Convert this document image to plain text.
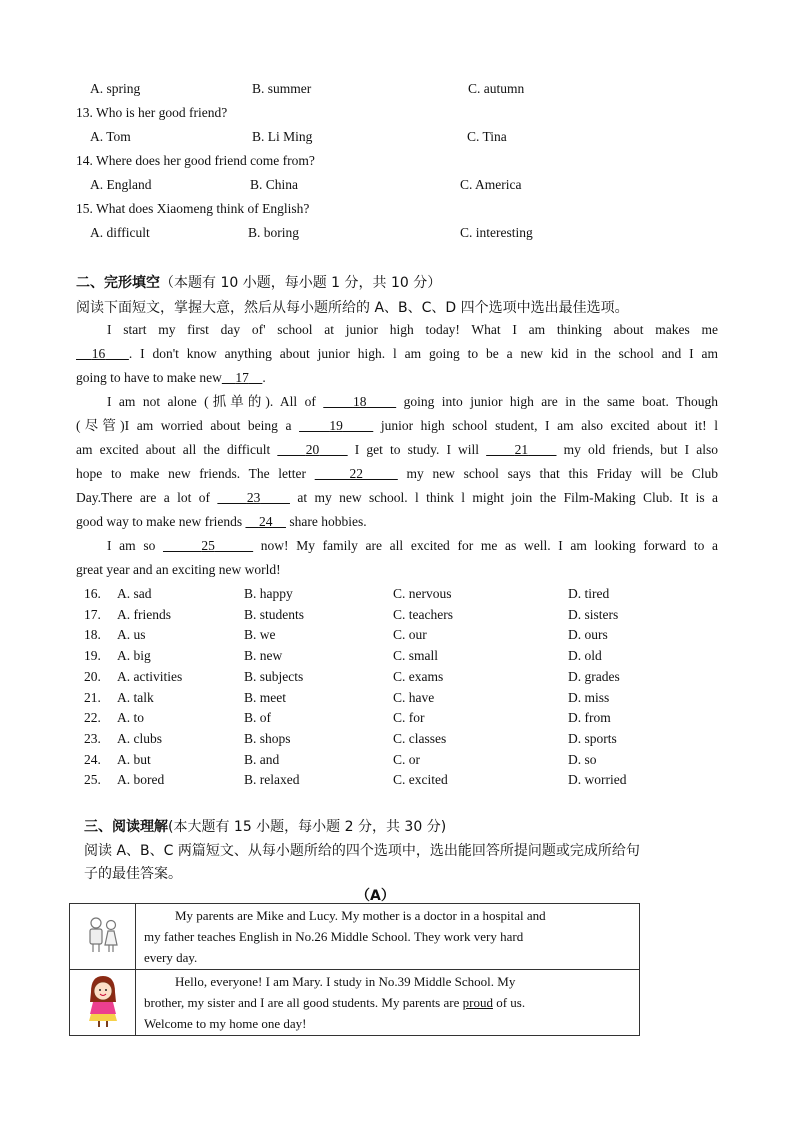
A. spring	B. summer	C. autumn
13. Who is her good friend?
A. Tom	B. Li Ming	C. Tina
14. Where does her good friend come from?
A. England	B. China	C. America
15. What does Xiaomeng think of English?
A. difficult	B. boring	C. interesting
二、完形填空（本题有 10 小题，每小题 1 分，共 10 分）
阅读下面短文，掌握大意，然后从每小题所给的 A、B、C、D 四个选项中选出最佳选项。
I start my first day of' school at junior high today! What I am thinking about makes me
16 . I don't know anything about junior high. l am going to be a new kid in the school and I am
going to have to make new 17 .
I am not alone (抓单的). All of     18     going into junior high are in the same boat. Though
(尽管)I am worried about being a     19     junior high school student, I am also excited about it! l
am excited about all the difficult     20     I get to study. I will     21     my old friends, but I also
hope to make new friends. The letter	22	my new school says that this Friday will be Club
Day.There are a lot of     23     at my new school. l think l might join the Film-Making Club. It is a
good way to make new friends     24     share hobbies.
I am so	25	now! My family are all excited for me as well. I am looking forward to a
great year and an exciting new world!
16. A. sad	B. happy	C. nervous	D. tired
17. A. friends	B. students	C. teachers	D. sisters
18. A. us	B. we	C. our	D. ours
19. A. big	B. new	C. small	D. old
20. A. activities	B. subjects	C. exams	D. grades
21. A. talk	B. meet	C. have	D. miss
22. A. to	B. of	C. for	D. from
23. A. clubs	B. shops	C. classes	D. sports
24. A. but	B. and	C. or	D. so
25. A. bored	B. relaxed	C. excited	D. worried
三、阅读理解(本大题有 15 小题，每小题 2 分，共 30 分)
阅读 A、B、C 两篇短文、从每小题所给的四个选项中，选出能回答所提问题或完成所给句
子的最佳答案。
（A）

My parents are Mike and Lucy. My mother is a doctor in a hospital and
my father teaches English in No.26 Middle School. They work very hard
every day.

Hello, everyone! I am Mary. I study in No.39 Middle School. My
brother, my sister and I are all good students. My parents are proud of us.
Welcome to my home one day!
